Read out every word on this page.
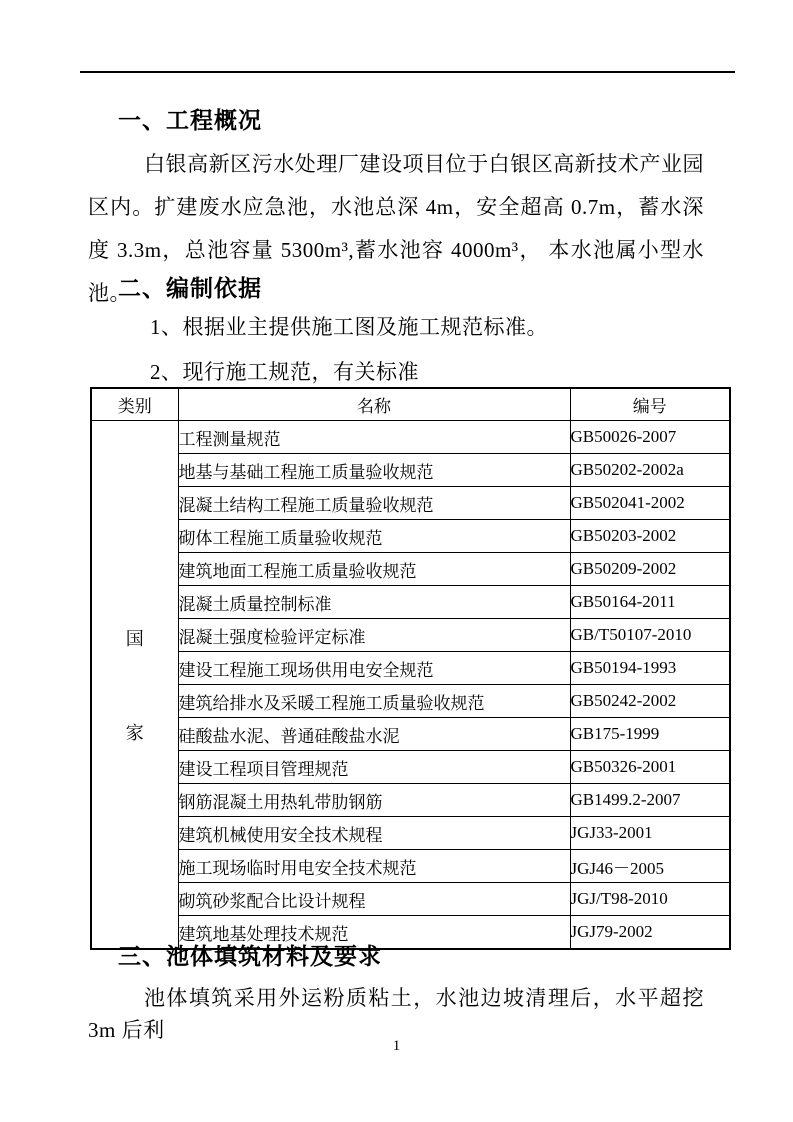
一、工程概况
白银高新区污水处理厂建设项目位于白银区高新技术产业园区内。扩建废水应急池，水池总深 4m，安全超高 0.7m，蓄水深度 3.3m，总池容量 5300m³,蓄水池容 4000m³， 本水池属小型水池。
二、编制依据
1、根据业主提供施工图及施工规范标准。
2、现行施工规范，有关标准
类别	名称	编号

国
家	工程测量规范	GB50026-2007
	地基与基础工程施工质量验收规范	GB50202-2002a
	混凝土结构工程施工质量验收规范	GB502041-2002
	砌体工程施工质量验收规范	GB50203-2002
	建筑地面工程施工质量验收规范	GB50209-2002
	混凝土质量控制标准	GB50164-2011
	混凝土强度检验评定标准	GB/T50107-2010
	建设工程施工现场供用电安全规范	GB50194-1993
	建筑给排水及采暖工程施工质量验收规范	GB50242-2002
	硅酸盐水泥、普通硅酸盐水泥	GB175-1999
	建设工程项目管理规范	GB50326-2001
	钢筋混凝土用热轧带肋钢筋	GB1499.2-2007
	建筑机械使用安全技术规程	JGJ33-2001
	施工现场临时用电安全技术规范	JGJ46－2005
	砌筑砂浆配合比设计规程	JGJ/T98-2010
	建筑地基处理技术规范	JGJ79-2002
三、池体填筑材料及要求
池体填筑采用外运粉质粘土，水池边坡清理后，水平超挖 3m 后利
1
